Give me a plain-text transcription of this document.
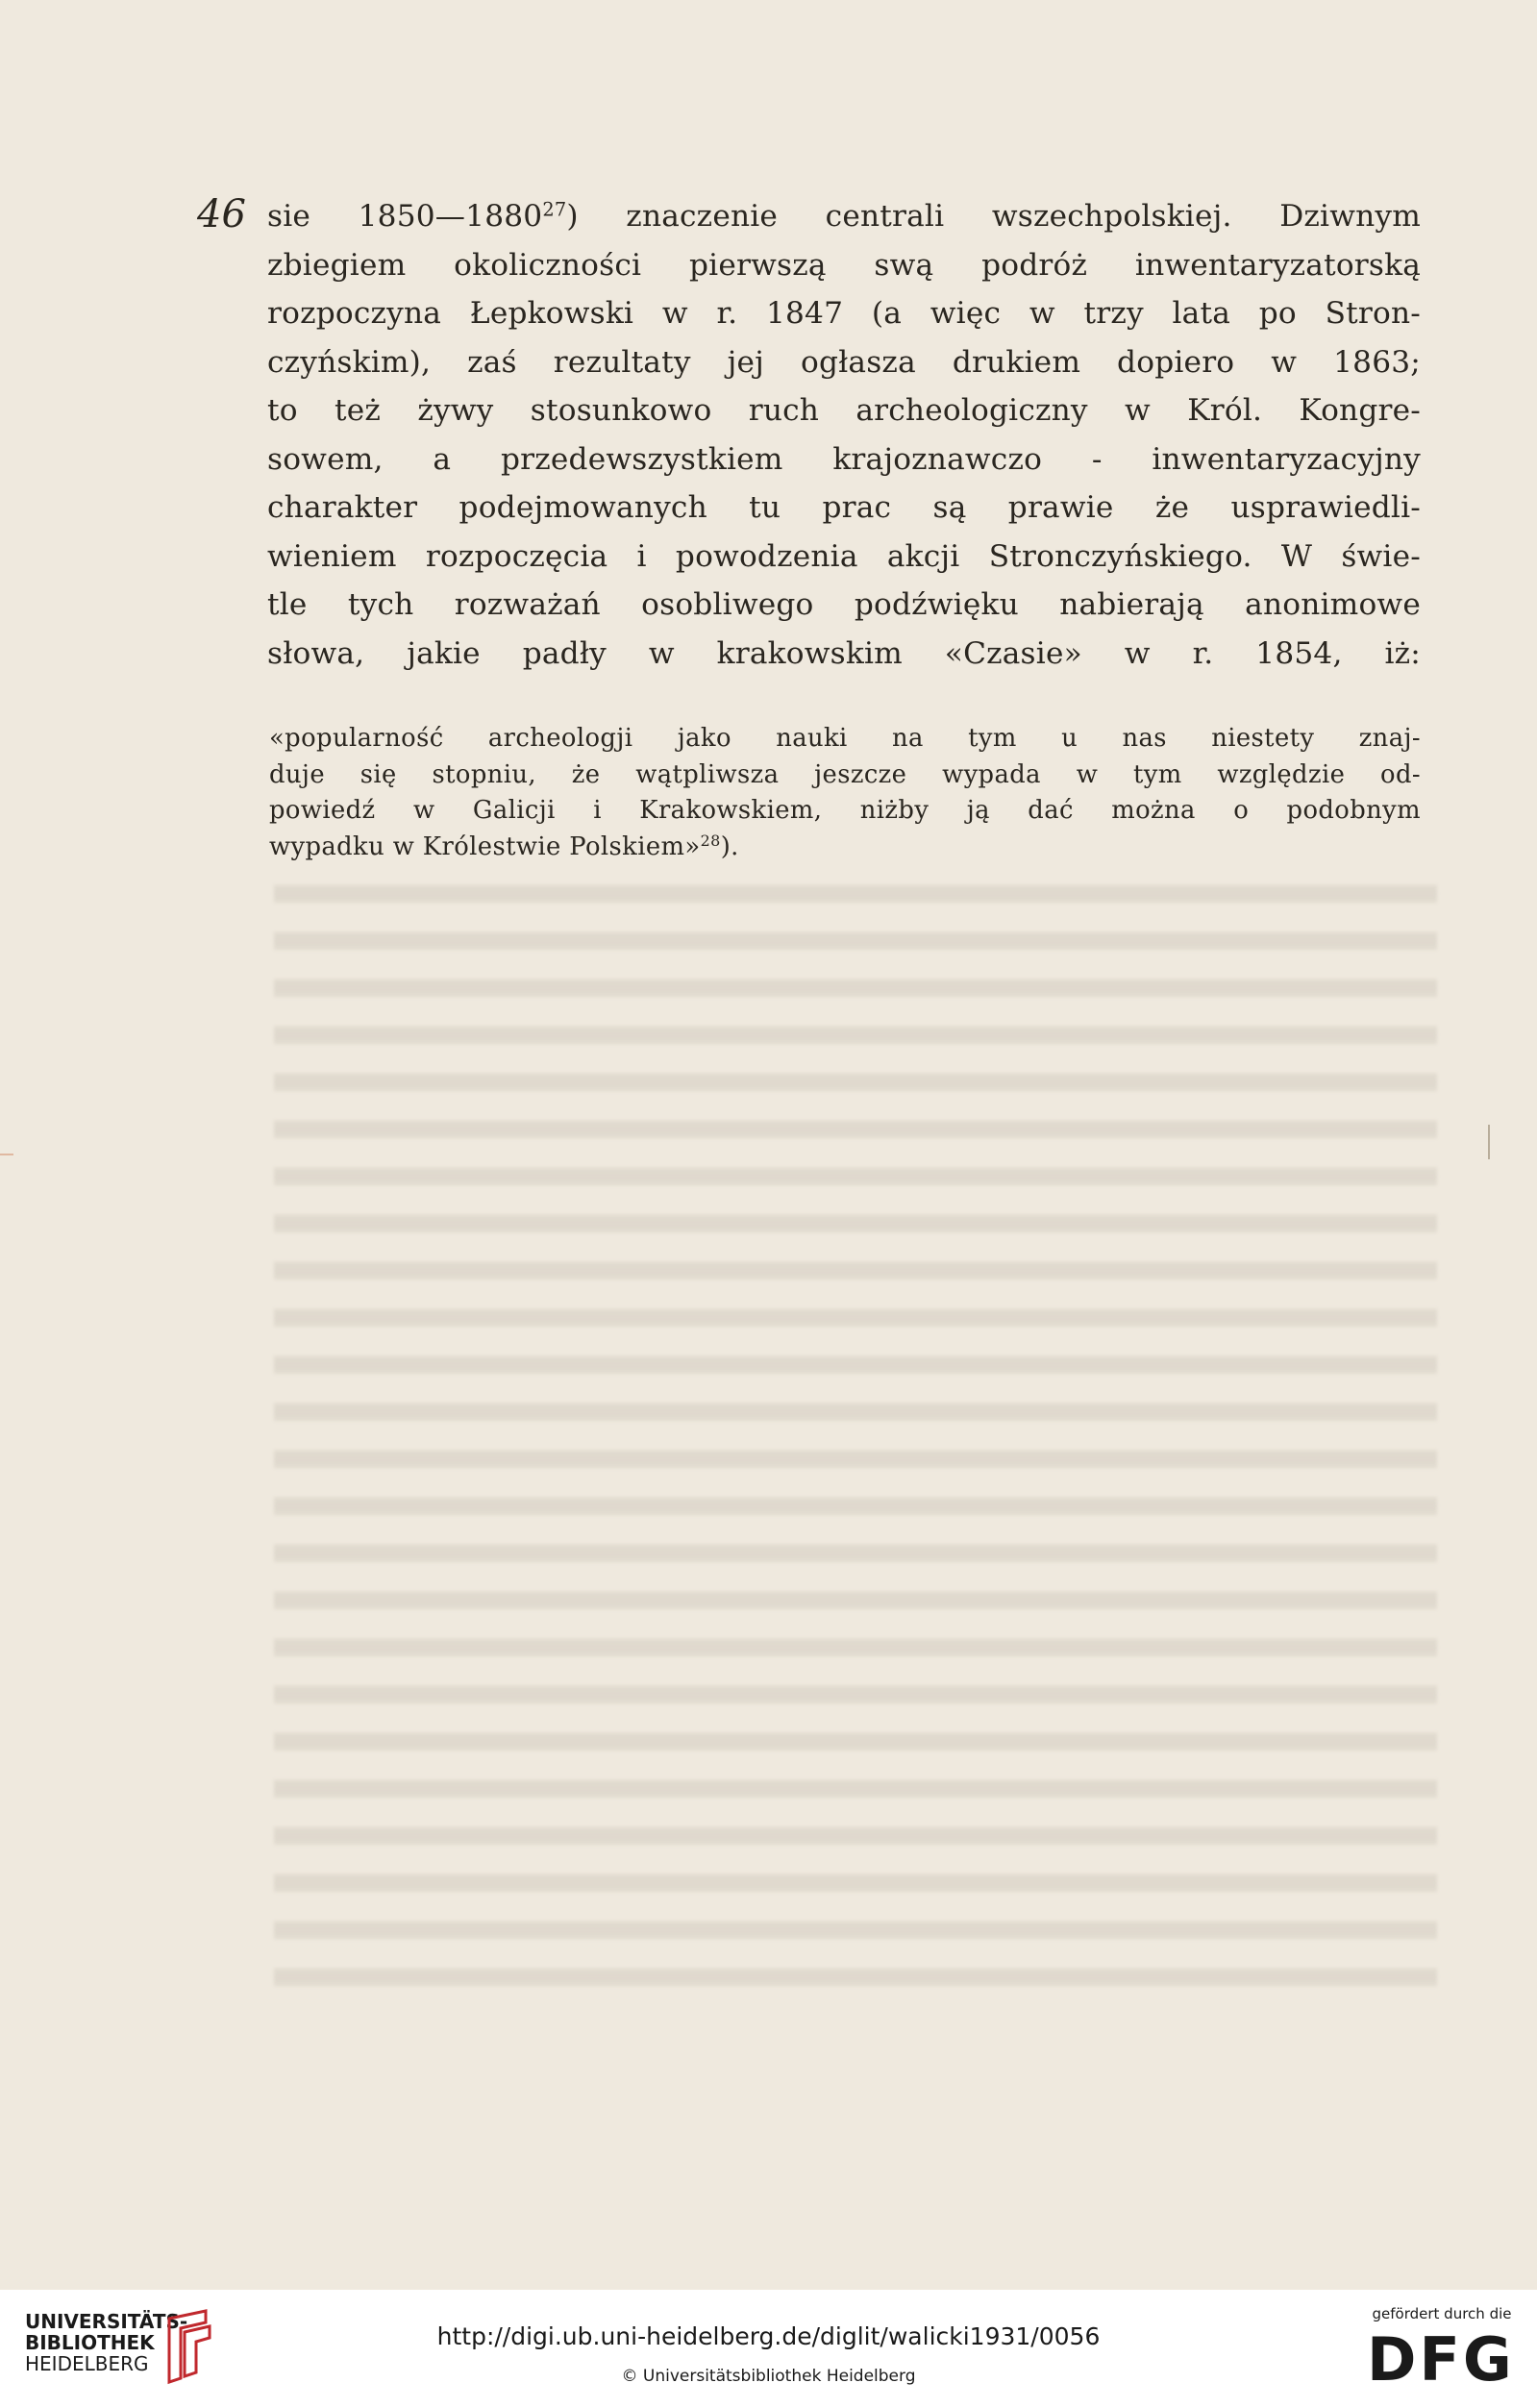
46 sie 1850—1880$^{27}$) znaczenie centrali wszechpolskiej. Dziwnym
zbiegiem okoliczności pierwszą swą podróż inwentaryzatorską
rozpoczyna Łepkowski w r. 1847 (a więc w trzy lata po Stron-
czyńskim), zaś rezultaty jej ogłasza drukiem dopiero w 1863;
to też żywy stosunkowo ruch archeologiczny w Król. Kongre-
sowem, a przedewszystkiem krajoznawczo - inwentaryzacyjny
charakter podejmowanych tu prac są prawie że usprawiedli-
wieniem rozpoczęcia i powodzenia akcji Stronczyńskiego. W świe-
tle tych rozważań osobliwego podźwięku nabierają anonimowe
słowa, jakie padły w krakowskim «Czasie» w r. 1854, iż:
«popularność archeologji jako nauki na tym u nas niestety znaj-
duje się stopniu, że wątpliwsza jeszcze wypada w tym względzie od-
powiedź w Galicji i Krakowskiem, niżby ją dać można o podobnym
wypadku w Królestwie Polskiem»$^{28}$).
UNIVERSITÄTS-
BIBLIOTHEK
HEIDELBERG
http://digi.ub.uni-heidelberg.de/diglit/walicki1931/0056
© Universitätsbibliothek Heidelberg
gefördert durch die
DFG
